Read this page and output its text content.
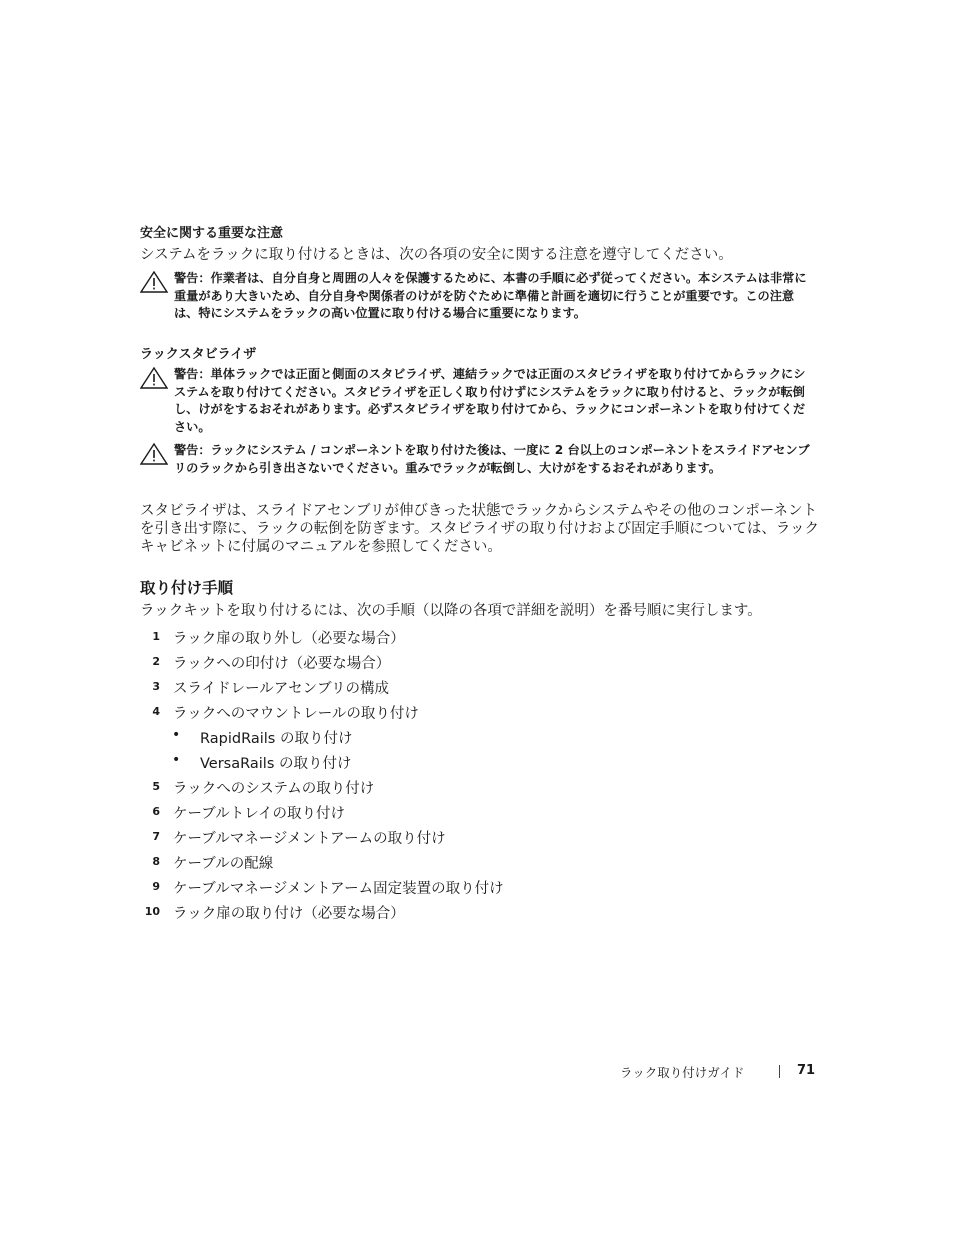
安全に関する重要な注意
システムをラックに取り付けるときは、次の各項の安全に関する注意を遵守してください。
警告：作業者は、自分自身と周囲の人々を保護するために、本書の手順に必ず従ってください。本システムは非常に重量があり大きいため、自分自身や関係者のけがを防ぐために準備と計画を適切に行うことが重要です。この注意は、特にシステムをラックの高い位置に取り付ける場合に重要になります。
ラックスタビライザ
警告：単体ラックでは正面と側面のスタビライザ、連結ラックでは正面のスタビライザを取り付けてからラックにシステムを取り付けてください。スタビライザを正しく取り付けずにシステムをラックに取り付けると、ラックが転倒し、けがをするおそれがあります。必ずスタビライザを取り付けてから、ラックにコンポーネントを取り付けてください。
警告：ラックにシステム / コンポーネントを取り付けた後は、一度に 2 台以上のコンポーネントをスライドアセンブリのラックから引き出さないでください。重みでラックが転倒し、大けがをするおそれがあります。
スタビライザは、スライドアセンブリが伸びきった状態でラックからシステムやその他のコンポーネントを引き出す際に、ラックの転倒を防ぎます。スタビライザの取り付けおよび固定手順については、ラックキャビネットに付属のマニュアルを参照してください。
取り付け手順
ラックキットを取り付けるには、次の手順（以降の各項で詳細を説明）を番号順に実行します。
1 ラック扉の取り外し（必要な場合）
2 ラックへの印付け（必要な場合）
3 スライドレールアセンブリの構成
4 ラックへのマウントレールの取り付け
• RapidRails の取り付け
• VersaRails の取り付け
5 ラックへのシステムの取り付け
6 ケーブルトレイの取り付け
7 ケーブルマネージメントアームの取り付け
8 ケーブルの配線
9 ケーブルマネージメントアーム固定装置の取り付け
10 ラック扉の取り付け（必要な場合）
ラック取り付けガイド	71
